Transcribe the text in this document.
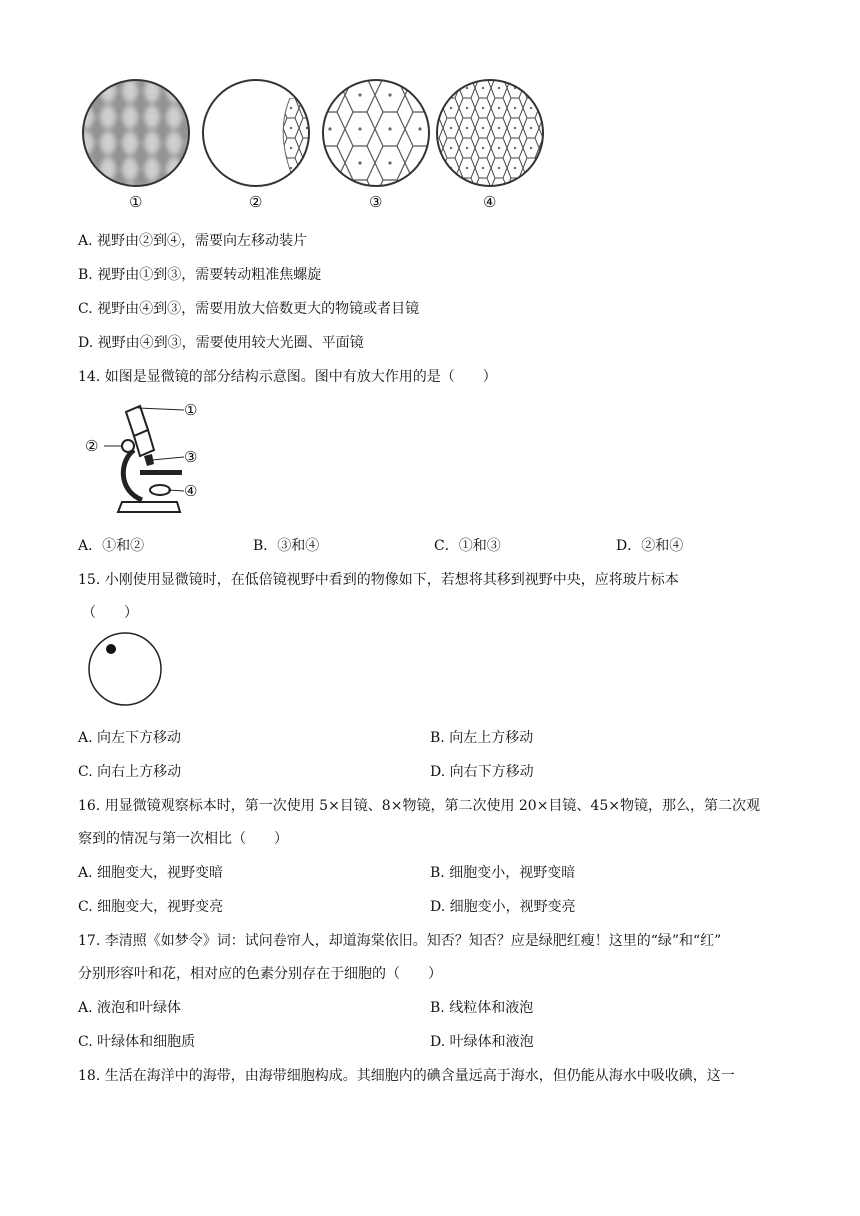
①	②	③	④
A. 视野由②到④，需要向左移动装片
B. 视野由①到③，需要转动粗准焦螺旋
C. 视野由④到③，需要用放大倍数更大的物镜或者目镜
D. 视野由④到③，需要使用较大光圈、平面镜
14. 如图是显微镜的部分结构示意图。图中有放大作用的是（　　）
①
②
③
④
A．①和②	B．③和④	C．①和③	D．②和④
15. 小刚使用显微镜时，在低倍镜视野中看到的物像如下，若想将其移到视野中央，应将玻片标本
（　　）
A. 向左下方移动	B. 向左上方移动
C. 向右上方移动	D. 向右下方移动
16. 用显微镜观察标本时，第一次使用 5×目镜、8×物镜，第二次使用 20×目镜、45×物镜，那么，第二次观
察到的情况与第一次相比（　　）
A. 细胞变大，视野变暗	B. 细胞变小，视野变暗
C. 细胞变大，视野变亮	D. 细胞变小，视野变亮
17. 李清照《如梦令》词：试问卷帘人，却道海棠依旧。知否？知否？应是绿肥红瘦！这里的“绿”和“红”
分别形容叶和花，相对应的色素分别存在于细胞的（　　）
A. 液泡和叶绿体	B. 线粒体和液泡
C. 叶绿体和细胞质	D. 叶绿体和液泡
18. 生活在海洋中的海带，由海带细胞构成。其细胞内的碘含量远高于海水，但仍能从海水中吸收碘，这一
